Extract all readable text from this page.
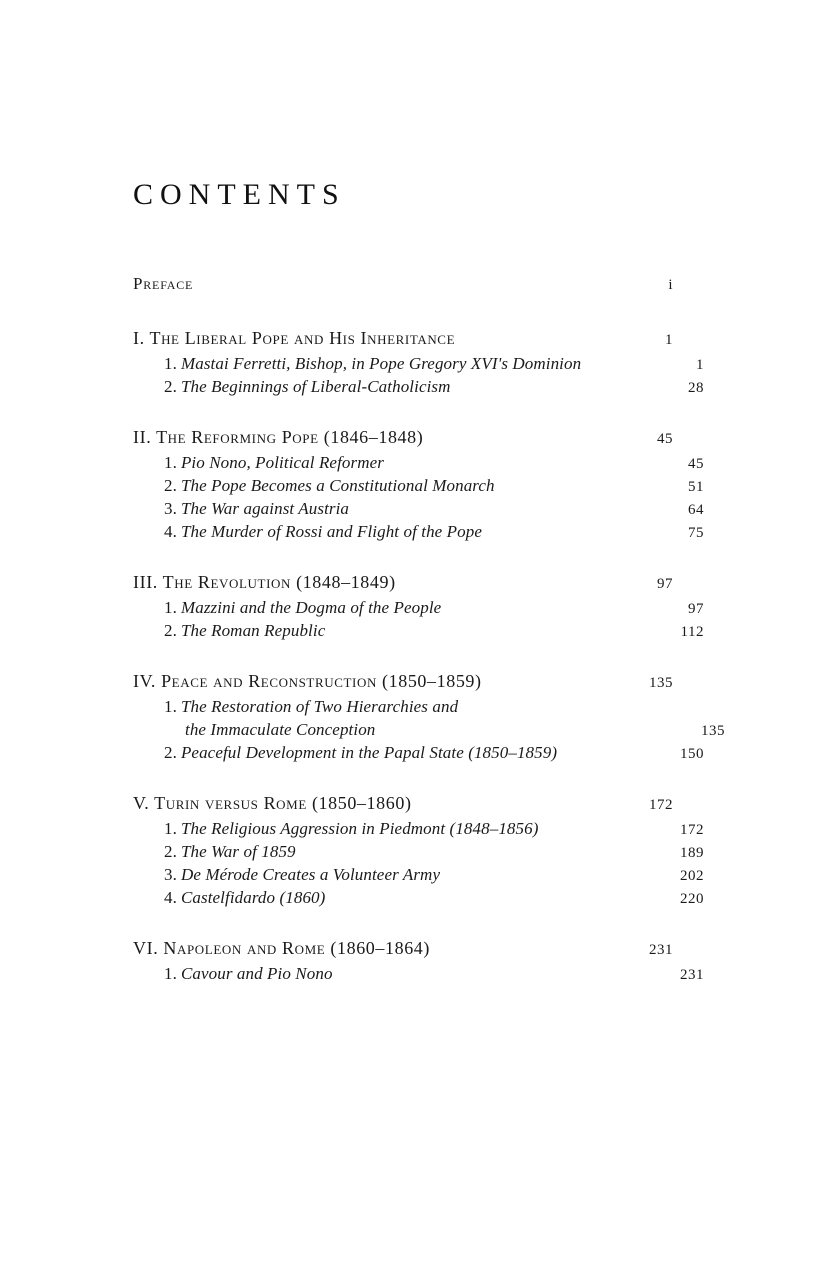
CONTENTS
Preface	i
I. The Liberal Pope and His Inheritance	1
1. Mastai Ferretti, Bishop, in Pope Gregory XVI's Dominion	1
2. The Beginnings of Liberal-Catholicism	28
II. The Reforming Pope (1846–1848)	45
1. Pio Nono, Political Reformer	45
2. The Pope Becomes a Constitutional Monarch	51
3. The War against Austria	64
4. The Murder of Rossi and Flight of the Pope	75
III. The Revolution (1848–1849)	97
1. Mazzini and the Dogma of the People	97
2. The Roman Republic	112
IV. Peace and Reconstruction (1850–1859)	135
1. The Restoration of Two Hierarchies and
the Immaculate Conception	135
2. Peaceful Development in the Papal State (1850–1859)	150
V. Turin versus Rome (1850–1860)	172
1. The Religious Aggression in Piedmont (1848–1856)	172
2. The War of 1859	189
3. De Mérode Creates a Volunteer Army	202
4. Castelfidardo (1860)	220
VI. Napoleon and Rome (1860–1864)	231
1. Cavour and Pio Nono	231
